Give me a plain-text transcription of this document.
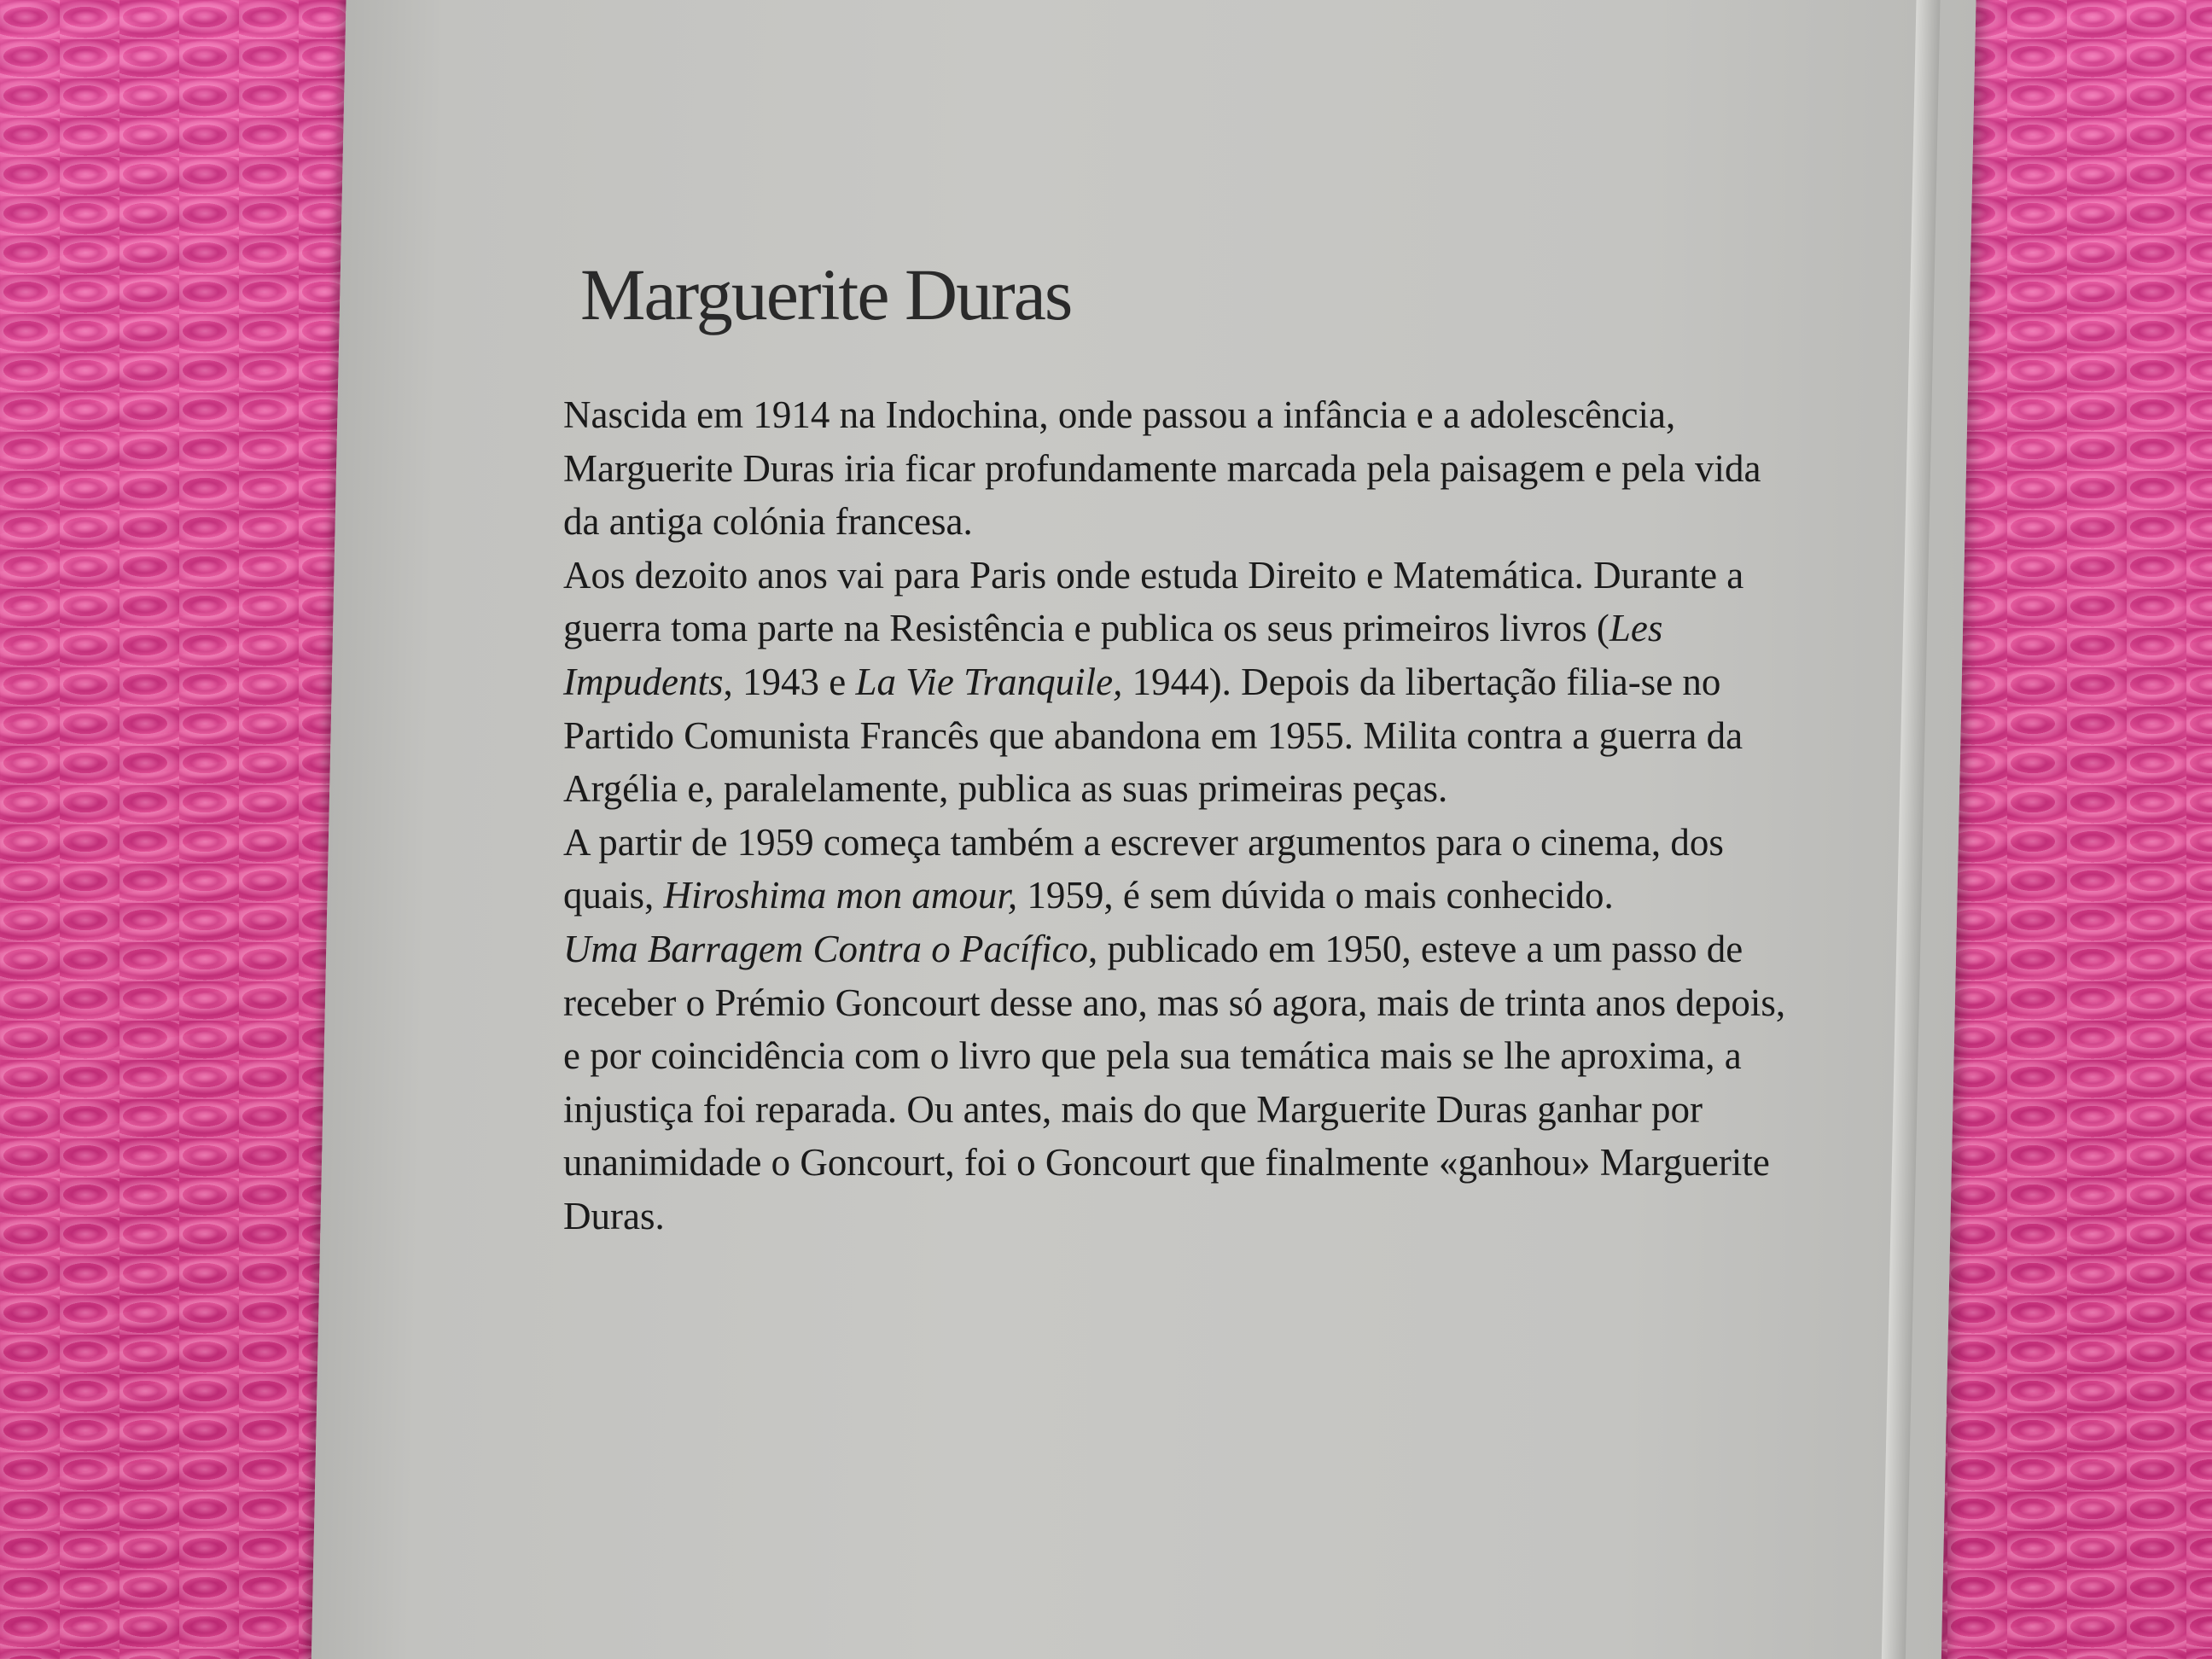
Marguerite Duras

Nascida em 1914 na Indochina, onde passou a infância e a adolescência, Marguerite Duras iria ficar profundamente marcada pela paisagem e pela vida da antiga colónia francesa.

Aos dezoito anos vai para Paris onde estuda Direito e Matemática. Durante a guerra toma parte na Resistência e publica os seus primeiros livros (Les Impudents, 1943 e La Vie Tranquile, 1944). Depois da libertação filia-se no Partido Comunista Francês que abandona em 1955. Milita contra a guerra da Argélia e, paralelamente, publica as suas primeiras peças.

A partir de 1959 começa também a escrever argumentos para o cinema, dos quais, Hiroshima mon amour, 1959, é sem dúvida o mais conhecido.

Uma Barragem Contra o Pacífico, publicado em 1950, esteve a um passo de receber o Prémio Goncourt desse ano, mas só agora, mais de trinta anos depois, e por coincidência com o livro que pela sua temática mais se lhe aproxima, a injustiça foi reparada. Ou antes, mais do que Marguerite Duras ganhar por unanimidade o Goncourt, foi o Goncourt que finalmente «ganhou» Marguerite Duras.
